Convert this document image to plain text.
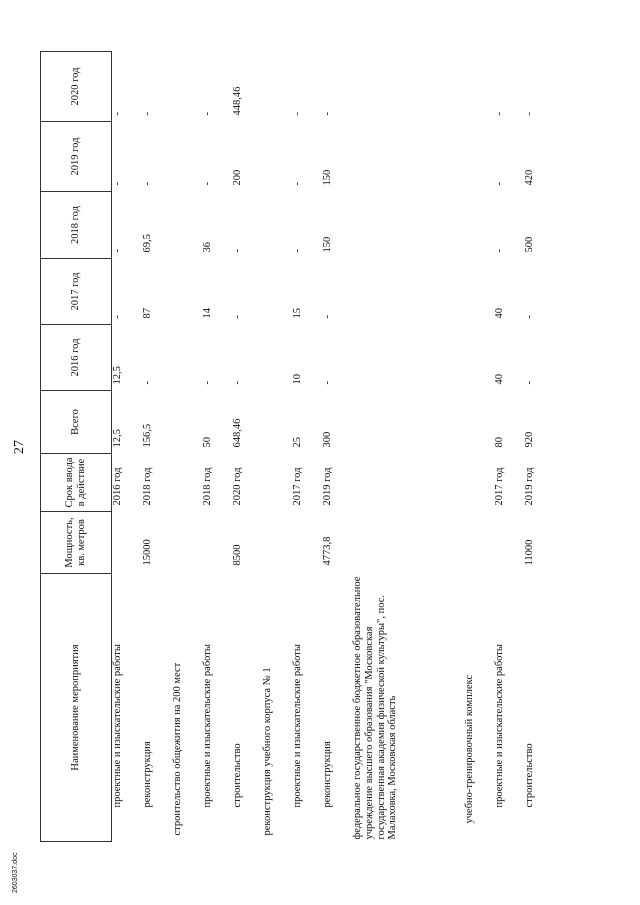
27
Наименование мероприятия	Мощность, кв. метров	Срок ввода в действие	Всего	2016 год	2017 год	2018 год	2019 год	2020 год
проектные и изыскательские работы		2016 год	12,5	12,5	-	-	-	-
реконструкция	15000	2018 год	156,5	-	87	69,5	-	-
строительство общежития на 200 мест								
проектные и изыскательские работы		2018 год	50	-	14	36	-	-
строительство	8500	2020 год	648,46	-	-	-	200	448,46
реконструкция учебного корпуса № 1								
проектные и изыскательские работы		2017 год	25	10	15	-	-	-
реконструкция	4773,8	2019 год	300	-	-	150	150	-
федеральное государственное бюджетное образовательное учреждение высшего образования "Московская государственная академия физической культуры", пос. Малаховка, Московская область								
учебно-тренировочный комплекс								
проектные и изыскательские работы		2017 год	80	40	40	-	-	-
строительство	11000	2019 год	920	-	-	500	420	-
2603037.doc
